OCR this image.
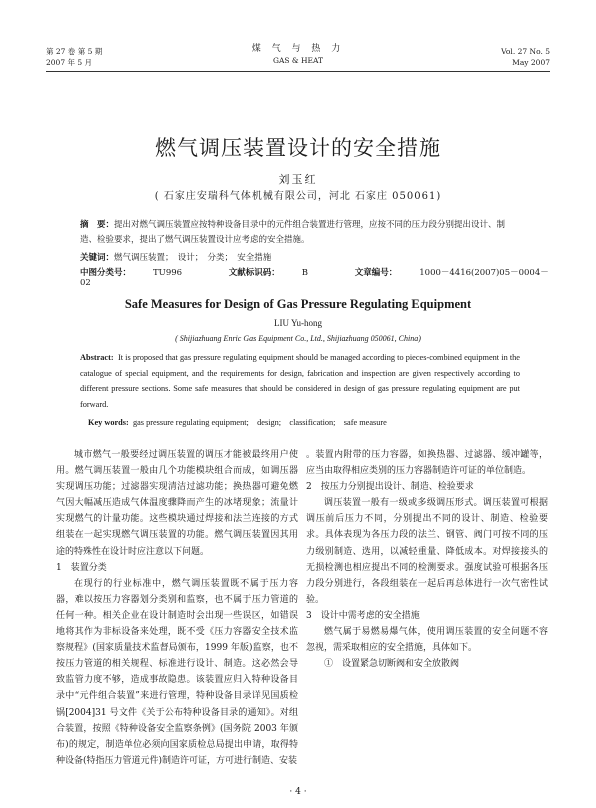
第 27 卷 第 5 期
2007 年 5 月
煤 气 与 热 力
GAS & HEAT
Vol. 27 No. 5
May 2007
燃气调压装置设计的安全措施
刘玉红
( 石家庄安瑞科气体机械有限公司，河北 石家庄 050061)
摘　要：提出对燃气调压装置应按特种设备目录中的元件组合装置进行管理，应按不同的压力段分别提出设计、制造、检验要求，提出了燃气调压装置设计应考虑的安全措施。
关键词：燃气调压装置；　设计；　分类；　安全措施
中图分类号：	TU996	文献标识码：	B	文章编号：	1000－4416(2007)05－0004－02
Safe Measures for Design of Gas Pressure Regulating Equipment
LIU Yu-hong
( Shijiazhuang Enric Gas Equipment Co., Ltd., Shijiazhuang 050061, China)
Abstract: It is proposed that gas pressure regulating equipment should be managed according to pieces-combined equipment in the catalogue of special equipment, and the requirements for design, fabrication and inspection are given respectively according to different pressure sections. Some safe measures that should be considered in design of gas pressure regulating equipment are put forward.
Key words: gas pressure regulating equipment;　design;　classification;　safe measure

城市燃气一般要经过调压装置的调压才能被最终用户使用。燃气调压装置一般由几个功能模块组合而成，如调压器实现调压功能；过滤器实现清洁过滤功能；换热器可避免燃气因大幅减压造成气体温度骤降而产生的冰堵现象；流量计实现燃气的计量功能。这些模块通过焊接和法兰连接的方式组装在一起实现燃气调压装置的功能。燃气调压装置因其用途的特殊性在设计时应注意以下问题。

1　装置分类

在现行的行业标准中，燃气调压装置既不属于压力容器，难以按压力容器划分类别和监察，也不属于压力管道的任何一种。相关企业在设计制造时会出现一些误区，如错误地将其作为非标设备来处理，既不受《压力容器安全技术监察规程》(国家质量技术监督局颁布，1999 年版)监察，也不按压力管道的相关规程、标准进行设计、制造。这必然会导致监管力度不够，造成事故隐患。该装置应归入特种设备目录中“元件组合装置”来进行管理，特种设备目录详见国质检锅[2004]31 号文件《关于公布特种设备目录的通知》。对组合装置，按照《特种设备安全监察条例》(国务院 2003 年颁布)的规定，制造单位必须向国家质检总局提出申请，取得特种设备(特指压力管道元件)制造许可证，方可进行制造、安装

。装置内附带的压力容器，如换热器、过滤器、缓冲罐等，应当由取得相应类别的压力容器制造许可证的单位制造。

2　按压力分别提出设计、制造、检验要求

调压装置一般有一级或多级调压形式。调压装置可根据调压前后压力不同，分别提出不同的设计、制造、检验要求。具体表现为各压力段的法兰、钢管、阀门可按不同的压力级别制造、选用，以减轻重量、降低成本。对焊接接头的无损检测也相应提出不同的检测要求。强度试验可根据各压力段分别进行，各段组装在一起后再总体进行一次气密性试验。

3　设计中需考虑的安全措施

燃气属于易燃易爆气体，使用调压装置的安全问题不容忽视，需采取相应的安全措施，具体如下。

①　设置紧急切断阀和安全放散阀

· 4 ·
